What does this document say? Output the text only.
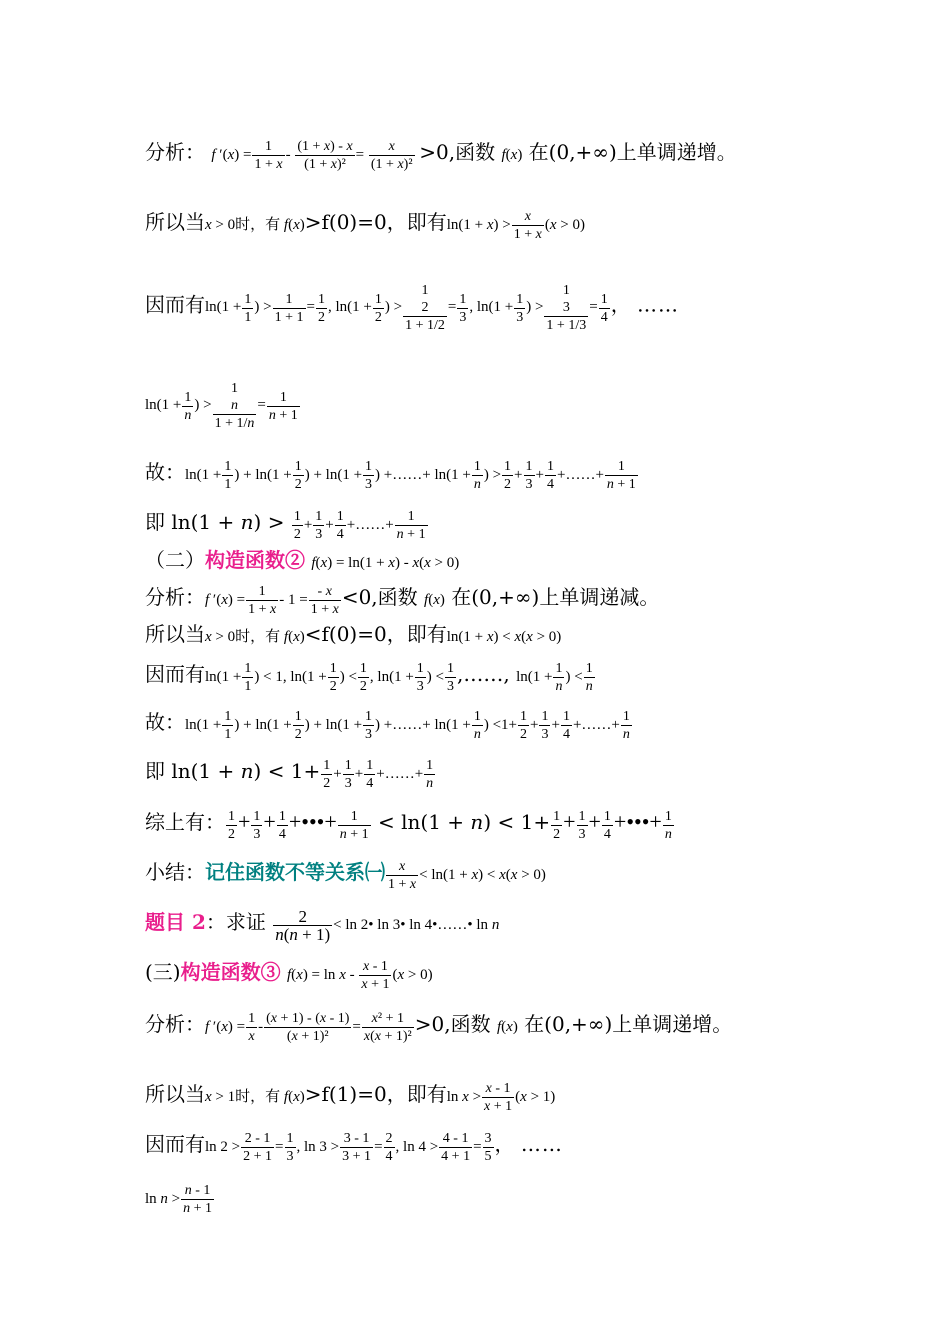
分析： f $'(x) = \frac{1}{1 + x} - \frac{(1 + x) - x}{\text{(1 + x)²}} = \frac{x}{\text{(1 + x)²}} >0$,函数 f(x) 在(0,+∞)上单调递增。
所以当x > 0时，有 f(x)>f(0)=0，即有$\ln(1 + x) > \frac{x}{1 + x} (x > 0)$
因而有$\ln(1 + \frac{1}{1}$ ) > $\frac{1}{1 + 1} = \frac{1}{2}$ , $\ln(1 + \frac{1}{2}$ ) >
1
2
1 + 1/2
= $\frac{1}{3}$ , $\ln(1 + \frac{1}{3}$ ) >
1
3
1 + 1/3
= $\frac{1}{4}$ ， ……
$\ln(1 + \frac{1}{n}$ ) >
1
n
1 + 1/n
= $\frac{1}{n + 1}$
故：$\ln(1 + \frac{1}{1}$ ) + $\ln(1 + \frac{1}{2}$ ) + $\ln(1 + \frac{1}{3}$ ) +……+ $\ln(1 + \frac{1}{n}$ ) > $\frac{1}{2} + \frac{1}{3} + \frac{1}{4}$ +……+ $\frac{1}{n + 1}$
即 $\ln(1 + n) > \frac{1}{2} + \frac{1}{3} + \frac{1}{4}$ +……+ $\frac{1}{n + 1}$
（二）构造函数② f(x) = ln(1 + x) - x(x > 0)
分析：f $'(x) = \frac{1}{1 + x} - 1 = \frac{- x}{1 + x} <0$,函数 f(x) 在(0,+∞)上单调递减。
所以当x > 0时，有 f(x)<f(0)=0，即有ln(1 + x) < x(x > 0)
因而有$\ln(1 + \frac{1}{1}$ ) < 1, $\ln(1 + \frac{1}{2}$ ) < $\frac{1}{2}$ , $\ln(1 + \frac{1}{3}$ ) < $\frac{1}{3}$ ,……, $\ln(1 + \frac{1}{n}$ ) < $\frac{1}{n}$
故：$\ln(1 + \frac{1}{1}$ ) + $\ln(1 + \frac{1}{2}$ ) + $\ln(1 + \frac{1}{3}$ ) +……+ $\ln(1 + \frac{1}{n}$ ) $<1+ \frac{1}{2} + \frac{1}{3} + \frac{1}{4}$ +……+ $\frac{1}{n}$
即 $\ln(1 + n) < 1+ \frac{1}{2} + \frac{1}{3} + \frac{1}{4}$ +……+ $\frac{1}{n}$
综上有： $\frac{1}{2} + \frac{1}{3} + \frac{1}{4}$ +•••+ $\frac{1}{n + 1} < \ln(1 + n) < 1+ \frac{1}{2} + \frac{1}{3} + \frac{1}{4}$ +•••+ $\frac{1}{n}$
小结：记住函数不等关系㈠ $\frac{x}{1 + x} < \ln(1 + x) < x(x > 0)$
题目 2：求证 $\frac{2}{n(n + 1)} < \ln$ 2• ln 3• ln 4•……• ln n
(三)构造函数③ $f(x) = \ln x - \frac{x - 1}{x + 1} (x > 0)$
分析：f $'(x) = \frac{1}{x} - \frac{(x + 1) - (x - 1)}{\text{(x + 1)²}} = \frac{\text{x² + 1}}{\text{x(x + 1)²}} >0$,函数 f(x) 在(0,+∞)上单调递增。
所以当x > 1时，有 f(x)>f(1)=0，即有$\ln x > \frac{x - 1}{x + 1} (x > 1)$
因而有$\ln 2 > \frac{2 - 1}{2 + 1} = \frac{1}{3}$ , $\ln 3 > \frac{3 - 1}{3 + 1} = \frac{2}{4}$ , $\ln 4 > \frac{4 - 1}{4 + 1} = \frac{3}{5}$ ， ……
$\ln n > \frac{n - 1}{n + 1}$
